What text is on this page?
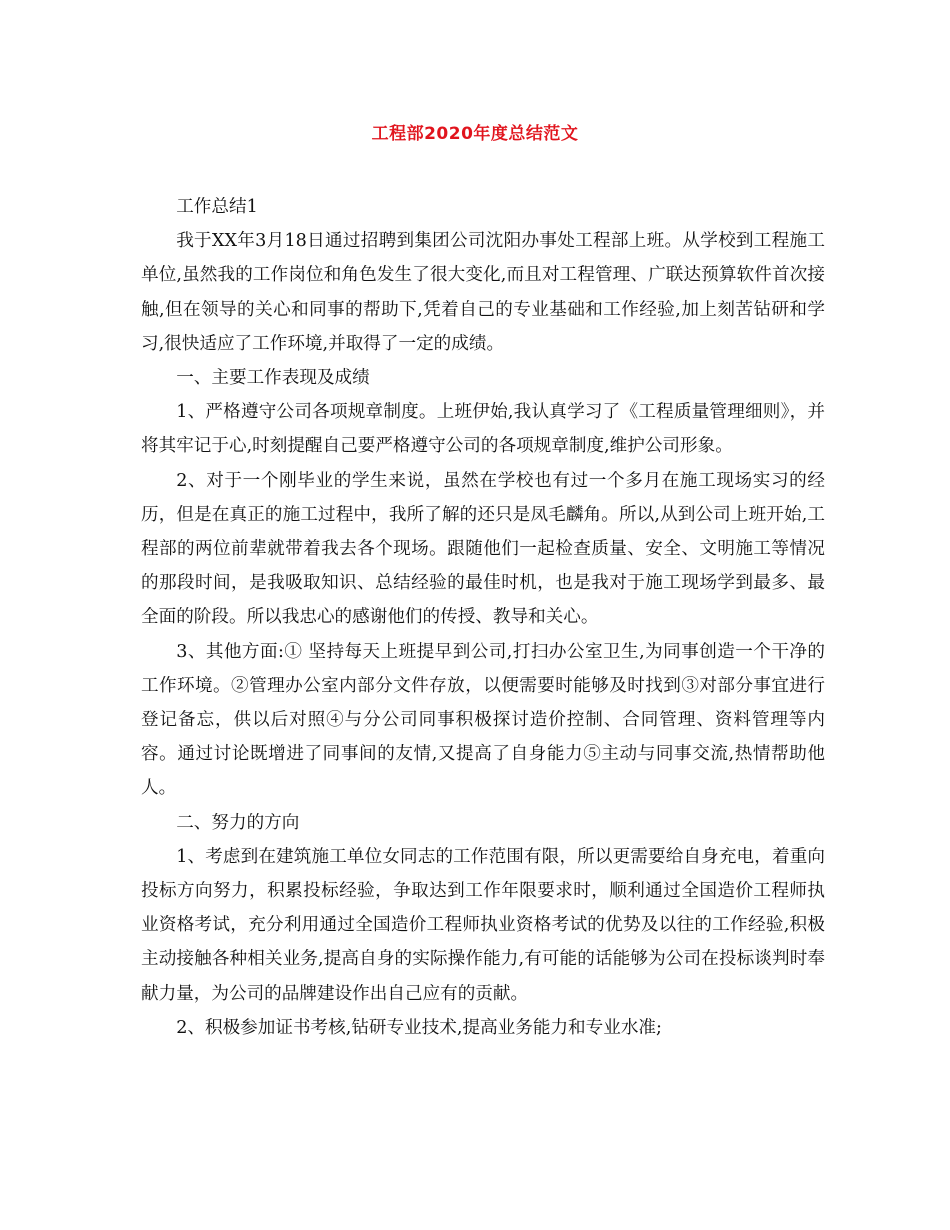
工程部2020年度总结范文

工作总结1

我于XX年3月18日通过招聘到集团公司沈阳办事处工程部上班。从学校到工程施工单位,虽然我的工作岗位和角色发生了很大变化,而且对工程管理、广联达预算软件首次接触,但在领导的关心和同事的帮助下,凭着自己的专业基础和工作经验,加上刻苦钻研和学习,很快适应了工作环境,并取得了一定的成绩。

一、主要工作表现及成绩

1、严格遵守公司各项规章制度。上班伊始,我认真学习了《工程质量管理细则》，并将其牢记于心,时刻提醒自己要严格遵守公司的各项规章制度,维护公司形象。

2、对于一个刚毕业的学生来说，虽然在学校也有过一个多月在施工现场实习的经历，但是在真正的施工过程中，我所了解的还只是凤毛麟角。所以,从到公司上班开始,工程部的两位前辈就带着我去各个现场。跟随他们一起检查质量、安全、文明施工等情况的那段时间，是我吸取知识、总结经验的最佳时机，也是我对于施工现场学到最多、最全面的阶段。所以我忠心的感谢他们的传授、教导和关心。

3、其他方面:① 坚持每天上班提早到公司,打扫办公室卫生,为同事创造一个干净的工作环境。②管理办公室内部分文件存放，以便需要时能够及时找到③对部分事宜进行登记备忘，供以后对照④与分公司同事积极探讨造价控制、合同管理、资料管理等内容。通过讨论既增进了同事间的友情,又提高了自身能力⑤主动与同事交流,热情帮助他人。

二、努力的方向

1、考虑到在建筑施工单位女同志的工作范围有限，所以更需要给自身充电，着重向投标方向努力，积累投标经验，争取达到工作年限要求时，顺利通过全国造价工程师执业资格考试，充分利用通过全国造价工程师执业资格考试的优势及以往的工作经验,积极主动接触各种相关业务,提高自身的实际操作能力,有可能的话能够为公司在投标谈判时奉献力量，为公司的品牌建设作出自己应有的贡献。

2、积极参加证书考核,钻研专业技术,提高业务能力和专业水准;
